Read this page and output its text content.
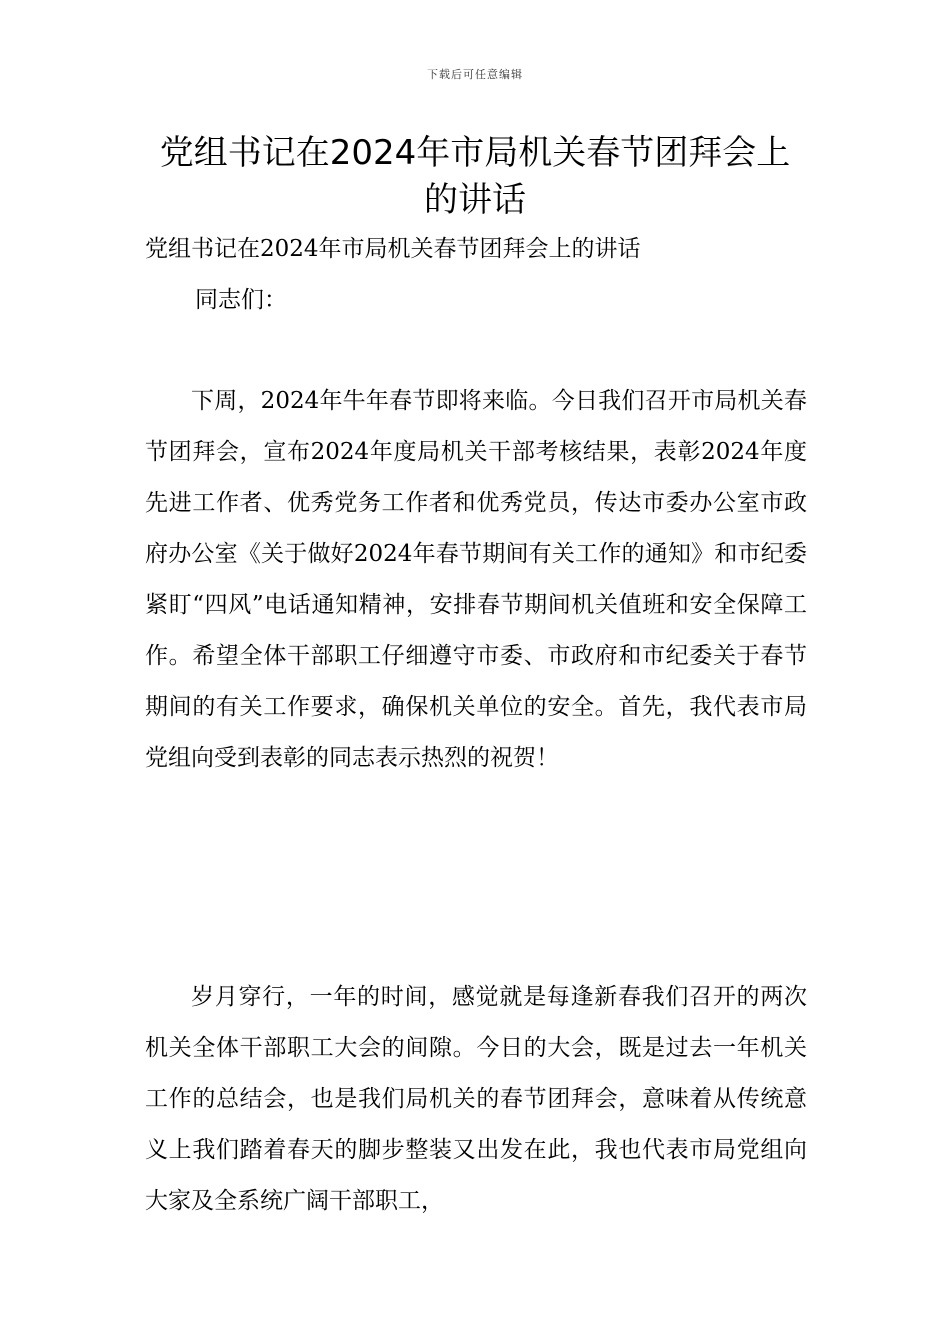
下载后可任意编辑
党组书记在2024年市局机关春节团拜会上的讲话

党组书记在2024年市局机关春节团拜会上的讲话

同志们：

下周，2024年牛年春节即将来临。今日我们召开市局机关春节团拜会，宣布2024年度局机关干部考核结果，表彰2024年度先进工作者、优秀党务工作者和优秀党员，传达市委办公室市政府办公室《关于做好2024年春节期间有关工作的通知》和市纪委紧盯“四风”电话通知精神，安排春节期间机关值班和安全保障工作。希望全体干部职工仔细遵守市委、市政府和市纪委关于春节期间的有关工作要求，确保机关单位的安全。首先，我代表市局党组向受到表彰的同志表示热烈的祝贺！

岁月穿行，一年的时间，感觉就是每逢新春我们召开的两次机关全体干部职工大会的间隙。今日的大会，既是过去一年机关工作的总结会，也是我们局机关的春节团拜会，意味着从传统意义上我们踏着春天的脚步整装又出发在此，我也代表市局党组向大家及全系统广阔干部职工，
